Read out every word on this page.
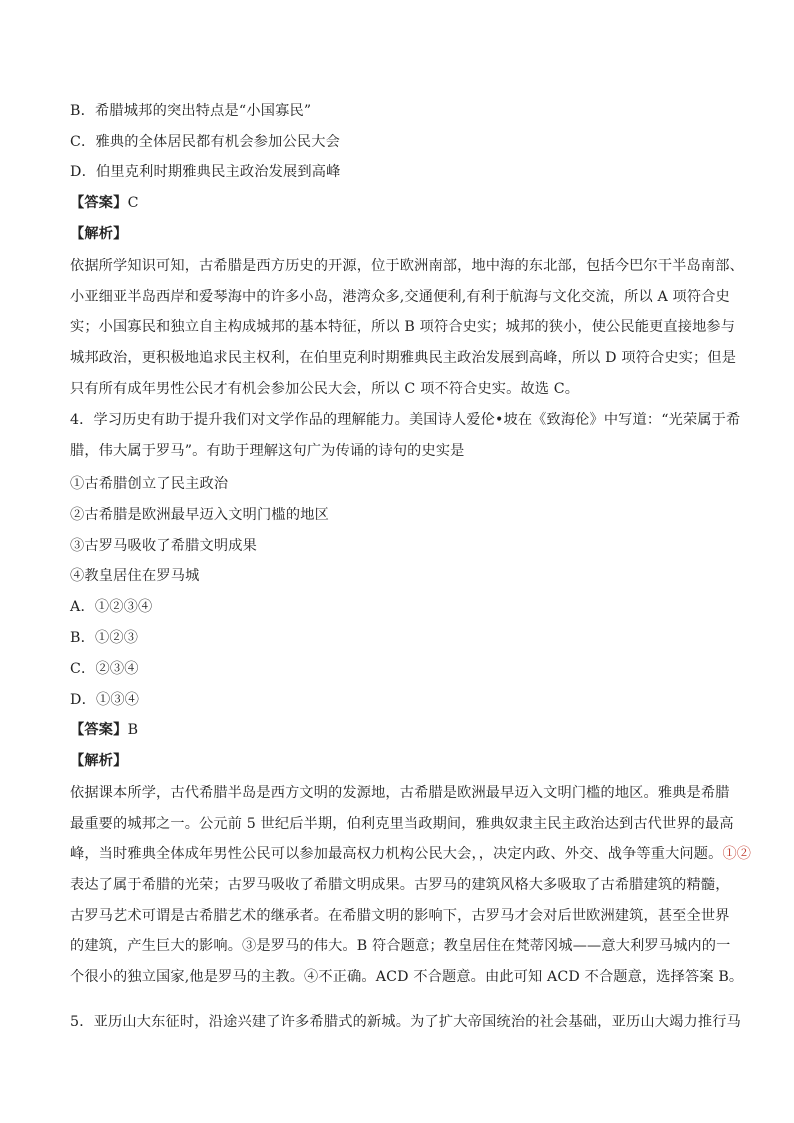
B．希腊城邦的突出特点是“小国寡民”
C．雅典的全体居民都有机会参加公民大会
D．伯里克利时期雅典民主政治发展到高峰
【答案】C
【解析】
依据所学知识可知，古希腊是西方历史的开源，位于欧洲南部，地中海的东北部，包括今巴尔干半岛南部、
小亚细亚半岛西岸和爱琴海中的许多小岛，港湾众多,交通便利,有利于航海与文化交流，所以 A 项符合史
实；小国寡民和独立自主构成城邦的基本特征，所以 B 项符合史实；城邦的狭小，使公民能更直接地参与
城邦政治，更积极地追求民主权利，在伯里克利时期雅典民主政治发展到高峰，所以 D 项符合史实；但是
只有所有成年男性公民才有机会参加公民大会，所以 C 项不符合史实。故选 C。
4．学习历史有助于提升我们对文学作品的理解能力。美国诗人爱伦•坡在《致海伦》中写道：“光荣属于希
腊，伟大属于罗马”。有助于理解这句广为传诵的诗句的史实是
①古希腊创立了民主政治
②古希腊是欧洲最早迈入文明门槛的地区
③古罗马吸收了希腊文明成果
④教皇居住在罗马城
A．①②③④
B．①②③
C．②③④
D．①③④
【答案】B
【解析】
依据课本所学，古代希腊半岛是西方文明的发源地，古希腊是欧洲最早迈入文明门槛的地区。雅典是希腊
最重要的城邦之一。公元前 5 世纪后半期，伯利克里当政期间，雅典奴隶主民主政治达到古代世界的最高
峰，当时雅典全体成年男性公民可以参加最高权力机构公民大会，，决定内政、外交、战争等重大问题。①②
表达了属于希腊的光荣；古罗马吸收了希腊文明成果。古罗马的建筑风格大多吸取了古希腊建筑的精髓，
古罗马艺术可谓是古希腊艺术的继承者。在希腊文明的影响下，古罗马才会对后世欧洲建筑，甚至全世界
的建筑，产生巨大的影响。③是罗马的伟大。B 符合题意；教皇居住在梵蒂冈城——意大利罗马城内的一
个很小的独立国家,他是罗马的主教。④不正确。ACD 不合题意。由此可知 ACD 不合题意，选择答案 B。
5．亚历山大东征时，沿途兴建了许多希腊式的新城。为了扩大帝国统治的社会基础，亚历山大竭力推行马
